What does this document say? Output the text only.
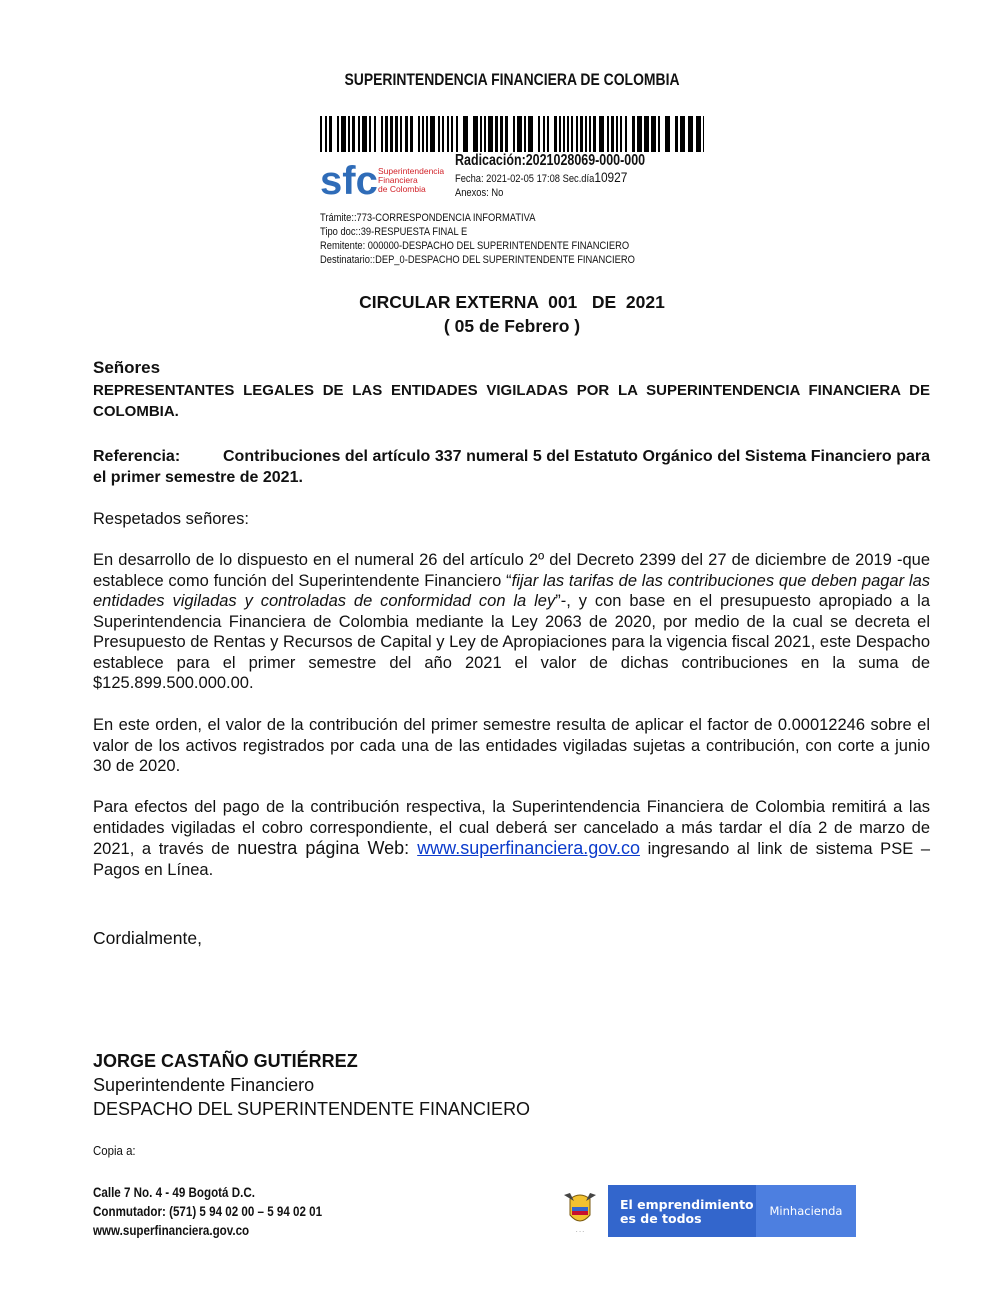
SUPERINTENDENCIA FINANCIERA DE COLOMBIA
sfc Superintendencia
Financiera
de Colombia
Radicación:2021028069-000-000
Fecha: 2021-02-05 17:08 Sec.día10927
Anexos: No
Trámite::773-CORRESPONDENCIA INFORMATIVA
Tipo doc::39-RESPUESTA FINAL E
Remitente: 000000-DESPACHO DEL SUPERINTENDENTE FINANCIERO
Destinatario::DEP_0-DESPACHO DEL SUPERINTENDENTE FINANCIERO
CIRCULAR EXTERNA  001   DE  2021
( 05 de Febrero )
Señores
REPRESENTANTES LEGALES DE LAS ENTIDADES VIGILADAS POR LA SUPERINTENDENCIA FINANCIERA DE COLOMBIA.
Referencia:	Contribuciones del artículo 337 numeral 5 del Estatuto Orgánico del Sistema Financiero para el primer semestre de 2021.
Respetados señores:
En desarrollo de lo dispuesto en el numeral 26 del artículo 2º del Decreto 2399 del 27 de diciembre de 2019 -que establece como función del Superintendente Financiero “fijar las tarifas de las contribuciones que deben pagar las entidades vigiladas y controladas de conformidad con la ley”-, y con base en el presupuesto apropiado a la Superintendencia Financiera de Colombia mediante la Ley 2063 de 2020, por medio de la cual se decreta el Presupuesto de Rentas y Recursos de Capital y Ley de Apropiaciones para la vigencia fiscal 2021, este Despacho establece para el primer semestre del año 2021 el valor de dichas contribuciones en la suma de $125.899.500.000.00.
En este orden, el valor de la contribución del primer semestre resulta de aplicar el factor de 0.00012246 sobre el valor de los activos registrados por cada una de las entidades vigiladas sujetas a contribución, con corte a junio 30 de 2020.
Para efectos del pago de la contribución respectiva, la Superintendencia Financiera de Colombia remitirá a las entidades vigiladas el cobro correspondiente, el cual deberá ser cancelado a más tardar el día 2 de marzo de 2021, a través de nuestra página Web: www.superfinanciera.gov.co ingresando al link de sistema PSE – Pagos en Línea.
Cordialmente,
JORGE CASTAÑO GUTIÉRREZ
Superintendente Financiero
DESPACHO DEL SUPERINTENDENTE FINANCIERO
Copia a:
Calle 7 No. 4 - 49 Bogotá D.C.
Conmutador: (571) 5 94 02 00 – 5 94 02 01
www.superfinanciera.gov.co	· · ·
El emprendimiento
es de todos	Minhacienda
